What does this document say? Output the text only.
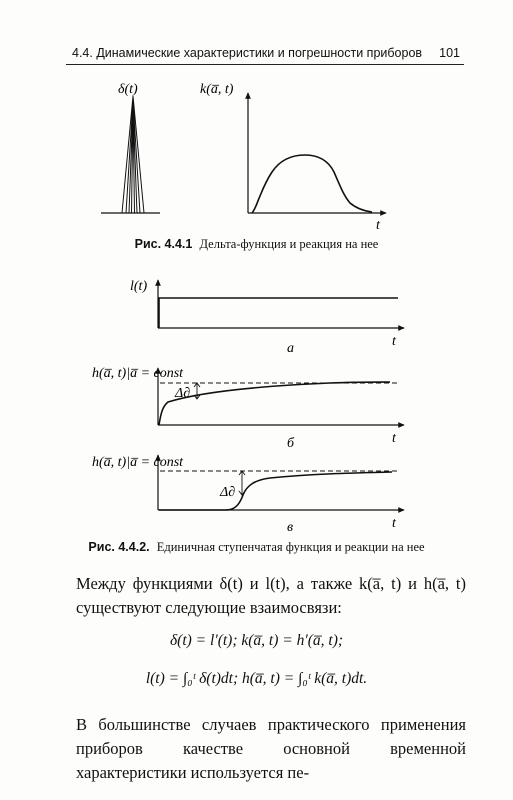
4.4. Динамические характеристики и погрешности приборов 101
δ(t)	k(a̅, t)
t
l(t)
t
а
h(a̅, t)|a̅ = const
Δ∂
t
б
h(a̅, t)|a̅ = const
Δ∂
t
в
Рис. 4.4.1 Дельта-функция и реакция на нее
Рис. 4.4.2. Единичная ступенчатая функция и реакции на нее
Между функциями δ(t) и l(t), а также k(a̅, t) и h(a̅, t) существуют следующие взаимосвязи:
δ(t) = l′(t); k(a̅, t) = h′(a̅, t);
l(t) = ∫₀ᵗ δ(t)dt; h(a̅, t) = ∫₀ᵗ k(a̅, t)dt.
В большинстве случаев практического применения приборов качестве основной временной характеристики используется пе-
